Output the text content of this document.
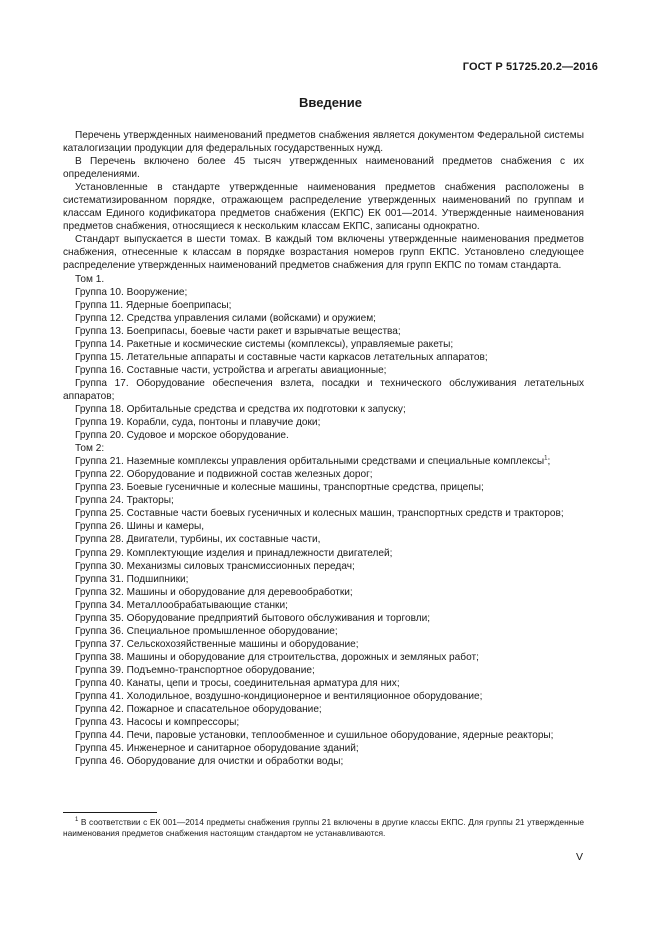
ГОСТ Р 51725.20.2—2016
Введение

Перечень утвержденных наименований предметов снабжения является документом Федеральной системы каталогизации продукции для федеральных государственных нужд.

В Перечень включено более 45 тысяч утвержденных наименований предметов снабжения с их определениями.

Установленные в стандарте утвержденные наименования предметов снабжения расположены в систематизированном порядке, отражающем распределение утвержденных наименований по группам и классам Единого кодификатора предметов снабжения (ЕКПС) ЕК 001—2014. Утвержденные наименования предметов снабжения, относящиеся к нескольким классам ЕКПС, записаны однократно.

Стандарт выпускается в шести томах. В каждый том включены утвержденные наименования предметов снабжения, отнесенные к классам в порядке возрастания номеров групп ЕКПС. Установлено следующее распределение утвержденных наименований предметов снабжения для групп ЕКПС по томам стандарта.

Том 1.

Группа 10. Вооружение;

Группа 11. Ядерные боеприпасы;

Группа 12. Средства управления силами (войсками) и оружием;

Группа 13. Боеприпасы, боевые части ракет и взрывчатые вещества;

Группа 14. Ракетные и космические системы (комплексы), управляемые ракеты;

Группа 15. Летательные аппараты и составные части каркасов летательных аппаратов;

Группа 16. Составные части, устройства и агрегаты авиационные;

Группа 17. Оборудование обеспечения взлета, посадки и технического обслуживания летательных аппаратов;

Группа 18. Орбитальные средства и средства их подготовки к запуску;

Группа 19. Корабли, суда, понтоны и плавучие доки;

Группа 20. Судовое и морское оборудование.

Том 2:

Группа 21. Наземные комплексы управления орбитальными средствами и специальные комплексы$^1$;

Группа 22. Оборудование и подвижной состав железных дорог;

Группа 23. Боевые гусеничные и колесные машины, транспортные средства, прицепы;

Группа 24. Тракторы;

Группа 25. Составные части боевых гусеничных и колесных машин, транспортных средств и тракторов;

Группа 26. Шины и камеры,

Группа 28. Двигатели, турбины, их составные части,

Группа 29. Комплектующие изделия и принадлежности двигателей;

Группа 30. Механизмы силовых трансмиссионных передач;

Группа 31. Подшипники;

Группа 32. Машины и оборудование для деревообработки;

Группа 34. Металлообрабатывающие станки;

Группа 35. Оборудование предприятий бытового обслуживания и торговли;

Группа 36. Специальное промышленное оборудование;

Группа 37. Сельскохозяйственные машины и оборудование;

Группа 38. Машины и оборудование для строительства, дорожных и земляных работ;

Группа 39. Подъемно-транспортное оборудование;

Группа 40. Канаты, цепи и тросы, соединительная арматура для них;

Группа 41. Холодильное, воздушно-кондиционерное и вентиляционное оборудование;

Группа 42. Пожарное и спасательное оборудование;

Группа 43. Насосы и компрессоры;

Группа 44. Печи, паровые установки, теплообменное и сушильное оборудование, ядерные реакторы;

Группа 45. Инженерное и санитарное оборудование зданий;

Группа 46. Оборудование для очистки и обработки воды;

$^1$ В соответствии с ЕК 001—2014 предметы снабжения группы 21 включены в другие классы ЕКПС. Для группы 21 утвержденные наименования предметов снабжения настоящим стандартом не устанавливаются.

V
